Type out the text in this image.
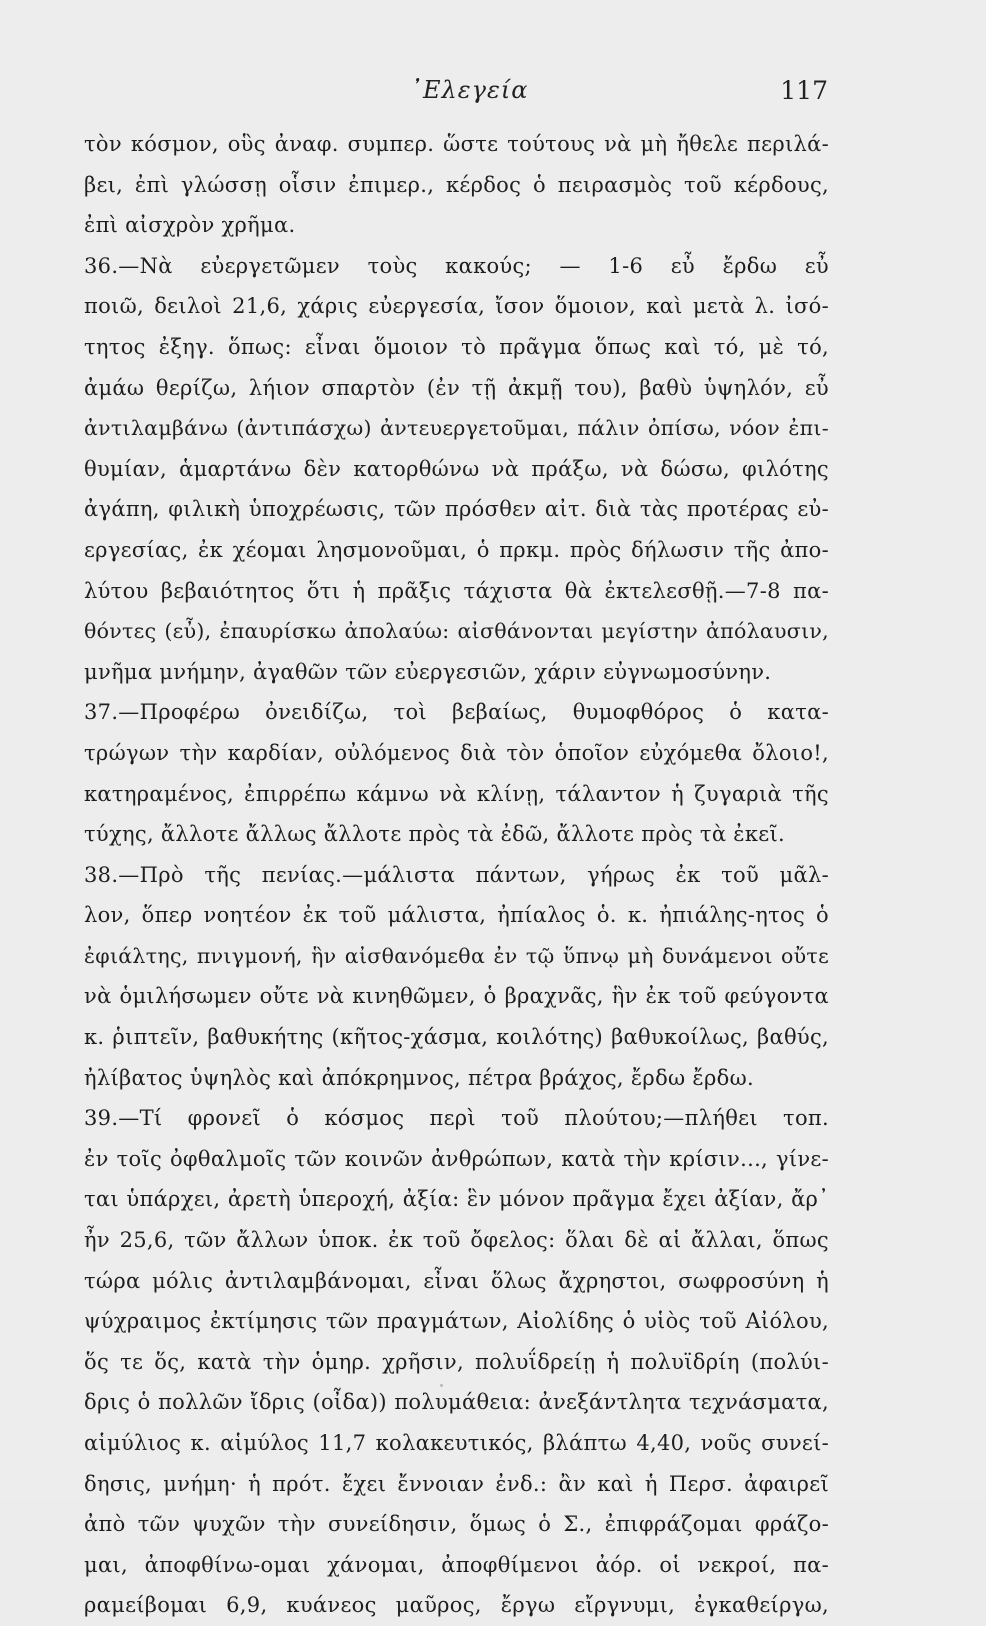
᾽Ελεγεία	117
τὸν κόσμον, οὓς ἀναφ. συμπερ. ὥστε τούτους νὰ μὴ ἤθελε περιλά-
βει, ἐπὶ γλώσσῃ οἷσιν ἐπιμερ., κέρδος ὁ πειρασμὸς τοῦ κέρδους,
ἐπὶ αἰσχρὸν χρῆμα.
36.—Νὰ εὐεργετῶμεν τοὺς κακούς; — 1-6 εὖ ἔρδω εὖ
ποιῶ, δειλοὶ 21,6, χάρις εὐεργεσία, ἴσον ὅμοιον, καὶ μετὰ λ. ἰσό-
τητος ἐξηγ. ὅπως: εἶναι ὅμοιον τὸ πρᾶγμα ὅπως καὶ τό, μὲ τό,
ἀμάω θερίζω, λήιον σπαρτὸν (ἐν τῇ ἀκμῇ του), βαθὺ ὑψηλόν, εὖ
ἀντιλαμβάνω (ἀντιπάσχω) ἀντευεργετοῦμαι, πάλιν ὀπίσω, νόον ἐπι-
θυμίαν, ἁμαρτάνω δὲν κατορθώνω νὰ πράξω, νὰ δώσω, φιλότης
ἀγάπη, φιλικὴ ὑποχρέωσις, τῶν πρόσθεν αἰτ. διὰ τὰς προτέρας εὐ-
εργεσίας, ἐκ χέομαι λησμονοῦμαι, ὁ πρκμ. πρὸς δήλωσιν τῆς ἀπο-
λύτου βεβαιότητος ὅτι ἡ πρᾶξις τάχιστα θὰ ἐκτελεσθῇ.—7-8 πα-
θόντες (εὖ), ἐπαυρίσκω ἀπολαύω: αἰσθάνονται μεγίστην ἀπόλαυσιν,
μνῆμα μνήμην, ἀγαθῶν τῶν εὐεργεσιῶν, χάριν εὐγνωμοσύνην.
37.—Προφέρω ὀνειδίζω, τοὶ βεβαίως, θυμοφθόρος ὁ κατα-
τρώγων τὴν καρδίαν, οὐλόμενος διὰ τὸν ὁποῖον εὐχόμεθα ὄλοιο!,
κατηραμένος, ἐπιρρέπω κάμνω νὰ κλίνῃ, τάλαντον ἡ ζυγαριὰ τῆς
τύχης, ἄλλοτε ἄλλως ἄλλοτε πρὸς τὰ ἐδῶ, ἄλλοτε πρὸς τὰ ἐκεῖ.
38.—Πρὸ τῆς πενίας.—μάλιστα πάντων, γήρως ἐκ τοῦ μᾶλ-
λον, ὅπερ νοητέον ἐκ τοῦ μάλιστα, ἠπίαλος ὁ. κ. ἠπιάλης-ητος ὁ
ἐφιάλτης, πνιγμονή, ἣν αἰσθανόμεθα ἐν τῷ ὕπνῳ μὴ δυνάμενοι οὔτε
νὰ ὁμιλήσωμεν οὔτε νὰ κινηθῶμεν, ὁ βραχνᾶς, ἣν ἐκ τοῦ φεύγοντα
κ. ῥιπτεῖν, βαθυκήτης (κῆτος-χάσμα, κοιλότης) βαθυκοίλως, βαθύς,
ἠλίβατος ὑψηλὸς καὶ ἀπόκρημνος, πέτρα βράχος, ἔρδω ἔρδω.
39.—Τί φρονεῖ ὁ κόσμος περὶ τοῦ πλούτου;—πλήθει τοπ.
ἐν τοῖς ὀφθαλμοῖς τῶν κοινῶν ἀνθρώπων, κατὰ τὴν κρίσιν..., γίνε-
ται ὑπάρχει, ἀρετὴ ὑπεροχή, ἀξία: ἓν μόνον πρᾶγμα ἔχει ἀξίαν, ἄρ᾽
ἦν 25,6, τῶν ἄλλων ὑποκ. ἐκ τοῦ ὄφελος: ὅλαι δὲ αἱ ἄλλαι, ὅπως
τώρα μόλις ἀντιλαμβάνομαι, εἶναι ὅλως ἄχρηστοι, σωφροσύνη ἡ
ψύχραιμος ἐκτίμησις τῶν πραγμάτων, Αἰολίδης ὁ υἱὸς τοῦ Αἰόλου,
ὅς τε ὅς, κατὰ τὴν ὁμηρ. χρῆσιν, πολυΐδρείῃ ἡ πολυϊδρίη (πολύι-
δρις ὁ πολλῶν ἴδρις (οἶδα)) πολυμάθεια: ἀνεξάντλητα τεχνάσματα,
αἱμύλιος κ. αἱμύλος 11,7 κολακευτικός, βλάπτω 4,40, νοῦς συνεί-
δησις, μνήμη· ἡ πρότ. ἔχει ἔννοιαν ἐνδ.: ἂν καὶ ἡ Περσ. ἀφαιρεῖ
ἀπὸ τῶν ψυχῶν τὴν συνείδησιν, ὅμως ὁ Σ., ἐπιφράζομαι φράζο-
μαι, ἀποφθίνω-ομαι χάνομαι, ἀποφθίμενοι ἀόρ. οἱ νεκροί, πα-
ραμείβομαι 6,9, κυάνεος μαῦρος, ἔργω εἴργνυμι, ἐγκαθείργω,
